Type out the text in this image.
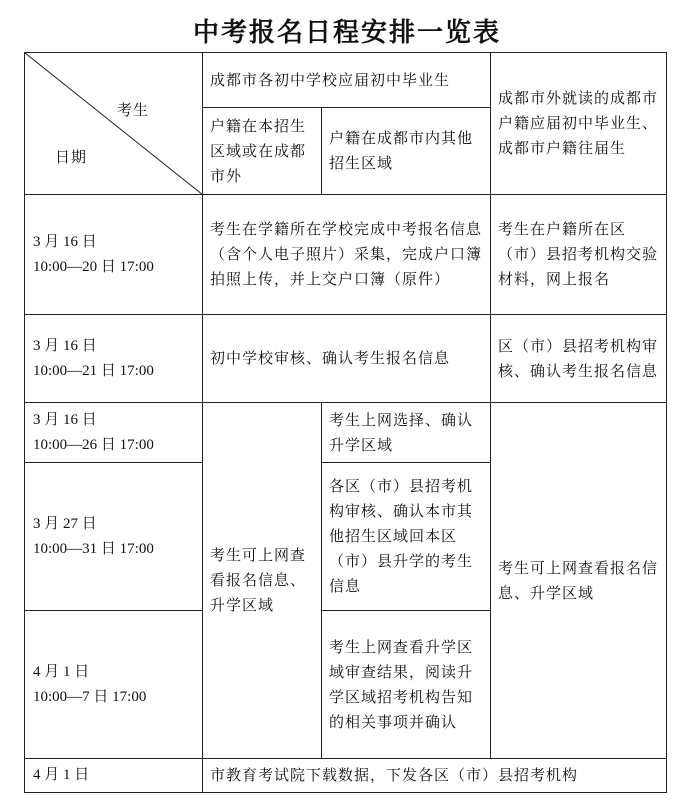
中考报名日程安排一览表
考生
日期	成都市各初中学校应届初中毕业生		成都市外就读的成都市户籍应届初中毕业生、成都市户籍往届生
	户籍在本招生区域或在成都市外	户籍在成都市内其他招生区域	

3 月 16 日
10:00—20 日 17:00	考生在学籍所在学校完成中考报名信息（含个人电子照片）采集，完成户口簿拍照上传，并上交户口簿（原件）		考生在户籍所在区（市）县招考机构交验材料，网上报名

3 月 16 日
10:00—21 日 17:00	初中学校审核、确认考生报名信息		区（市）县招考机构审核、确认考生报名信息

3 月 16 日
10:00—26 日 17:00	考生可上网查看报名信息、升学区域	考生上网选择、确认升学区域	考生可上网查看报名信息、升学区域

3 月 27 日
10:00—31 日 17:00		各区（市）县招考机构审核、确认本市其他招生区域回本区（市）县升学的考生信息	

4 月 1 日
10:00—7 日 17:00		考生上网查看升学区域审查结果，阅读升学区域招考机构告知的相关事项并确认	

4 月 1 日	市教育考试院下载数据，下发各区（市）县招考机构		
